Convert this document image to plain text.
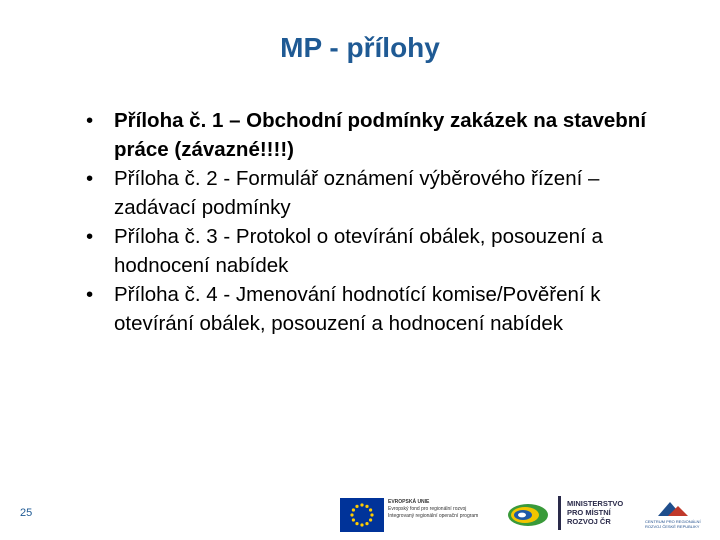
MP - přílohy
• Příloha č. 1 – Obchodní podmínky zakázek na stavební práce (závazné!!!!)
• Příloha č. 2 - Formulář oznámení výběrového řízení – zadávací podmínky
• Příloha č. 3 - Protokol o otevírání obálek, posouzení a hodnocení nabídek
• Příloha č. 4 - Jmenování hodnotící komise/Pověření k otevírání obálek, posouzení a hodnocení nabídek
25
EVROPSKÁ UNIE
Evropský fond pro regionální rozvoj
Integrovaný regionální operační program
MINISTERSTVO
PRO MÍSTNÍ
ROZVOJ ČR	CENTRUM PRO REGIONÁLNÍ ROZVOJ ČESKÉ REPUBLIKY
